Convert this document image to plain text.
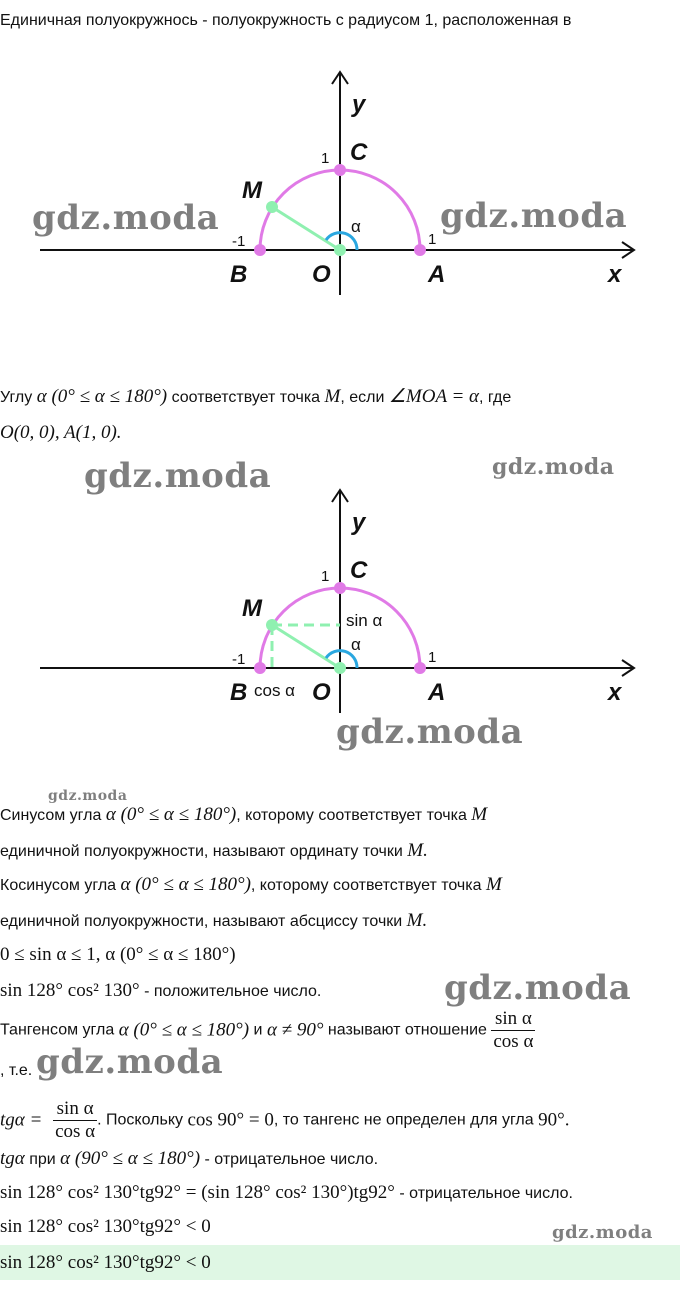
Единичная полуокружнось - полуокружность с радиусом 1, расположенная в
y
x
C
M
B	O	A
1
-1	1
α
gdz.moda	gdz.moda
Углу α (0° ≤ α ≤ 180°) соответствует точка M, если ∠MOA = α, где
O(0, 0), A(1, 0).
gdz.moda	gdz.moda
y
x
C
M
B	O	A
1
-1	1
α
sin α
cos α
gdz.moda
gdz.moda
Синусом угла α (0° ≤ α ≤ 180°), которому соответствует точка M
единичной полуокружности, называют ординату точки M.
Косинусом угла α (0° ≤ α ≤ 180°), которому соответствует точка M
единичной полуокружности, называют абсциссу точки M.
0 ≤ sin α ≤ 1, α (0° ≤ α ≤ 180°)
sin 128° cos² 130° - положительное число.	gdz.moda
Тангенсом угла α (0° ≤ α ≤ 180°) и α ≠ 90° называют отношение $\frac{\text{sin α}}{\text{cos α}}$
, т.е. gdz.moda
$tg\alpha = \frac{\text{sin α}}{\text{cos α}}$ . Поскольку cos 90° = 0, то тангенс не определен для угла 90°.
tgα при α (90° ≤ α ≤ 180°) - отрицательное число.
sin 128° cos² 130°tg92° = (sin 128° cos² 130°)tg92° - отрицательное число.
sin 128° cos² 130°tg92° < 0	gdz.moda
sin 128° cos² 130°tg92° < 0
